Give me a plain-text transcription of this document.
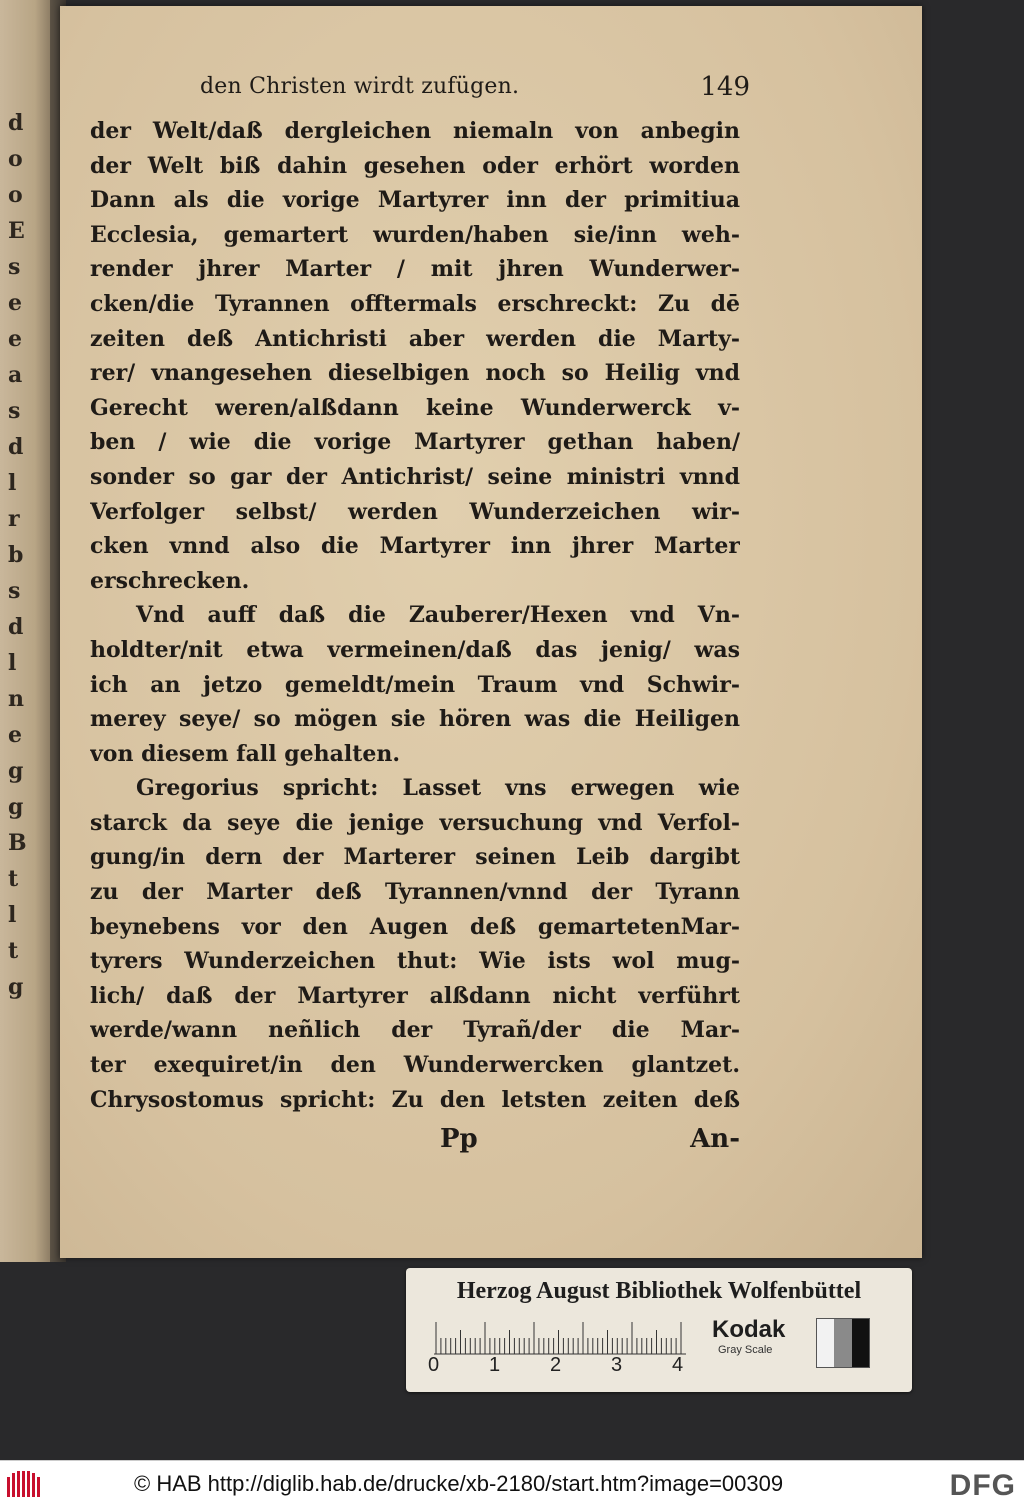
d
o
o
E
s
e
e
a
s
d
l
r
b
s
d
l
n
e
g
g
B
t
l
t
g
den Christen wirdt zufügen.	149
der Welt/daß dergleichen niemaln von anbegin
der Welt biß dahin gesehen oder erhört worden
Dann als die vorige Martyrer inn der primitiua
Ecclesia, gemartert wurden/haben sie/inn weh-
render jhrer Marter / mit jhren Wunderwer-
cken/die Tyrannen offtermals erschreckt: Zu dē
zeiten deß Antichristi aber werden die Marty-
rer/ vnangesehen dieselbigen noch so Heilig vnd
Gerecht weren/alßdann keine Wunderwerck v-
ben / wie die vorige Martyrer gethan haben/
sonder so gar der Antichrist/ seine ministri vnnd
Verfolger selbst/ werden Wunderzeichen wir-
cken vnnd also die Martyrer inn jhrer Marter
erschrecken.
Vnd auff daß die Zauberer/Hexen vnd Vn-
holdter/nit etwa vermeinen/daß das jenig/ was
ich an jetzo gemeldt/mein Traum vnd Schwir-
merey seye/ so mögen sie hören was die Heiligen
von diesem fall gehalten.
Gregorius spricht: Lasset vns erwegen wie
starck da seye die jenige versuchung vnd Verfol-
gung/in dern der Marterer seinen Leib dargibt
zu der Marter deß Tyrannen/vnnd der Tyrann
beynebens vor den Augen deß gemartetenMar-
tyrers Wunderzeichen thut: Wie ists wol mug-
lich/ daß der Martyrer alßdann nicht verführt
werde/wann neñlich der Tyrañ/der die Mar-
ter exequiret/in den Wunderwercken glantzet.
Chrysostomus spricht: Zu den letsten zeiten deß
Pp	An-
Herzog August Bibliothek Wolfenbüttel
0 1 2 3 4
Kodak
Gray Scale
© HAB http://diglib.hab.de/drucke/xb-2180/start.htm?image=00309	DFG
